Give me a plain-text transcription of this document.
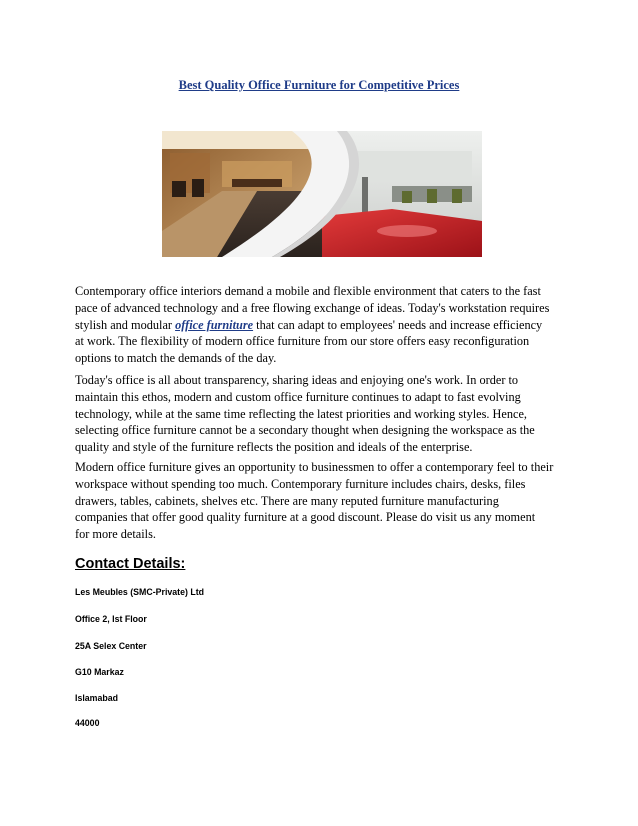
Best Quality Office Furniture for Competitive Prices
Contemporary office interiors demand a mobile and flexible environment that caters to the fast
pace of advanced technology and a free flowing exchange of ideas. Today's workstation requires
stylish and modular office furniture that can adapt to employees' needs and increase efficiency
at work. The flexibility of modern office furniture from our store offers easy reconfiguration
options to match the demands of the day.
Today's office is all about transparency, sharing ideas and enjoying one's work. In order to
maintain this ethos, modern and custom office furniture continues to adapt to fast evolving
technology, while at the same time reflecting the latest priorities and working styles. Hence,
selecting office furniture cannot be a secondary thought when designing the workspace as the
quality and style of the furniture reflects the position and ideals of the enterprise.
Modern office furniture gives an opportunity to businessmen to offer a contemporary feel to their
workspace without spending too much. Contemporary furniture includes chairs, desks, files
drawers, tables, cabinets, shelves etc. There are many reputed furniture manufacturing
companies that offer good quality furniture at a good discount. Please do visit us any moment
for more details.
Contact Details:
Les Meubles (SMC-Private) Ltd
Office 2, Ist Floor
25A Selex Center
G10 Markaz
Islamabad
44000
